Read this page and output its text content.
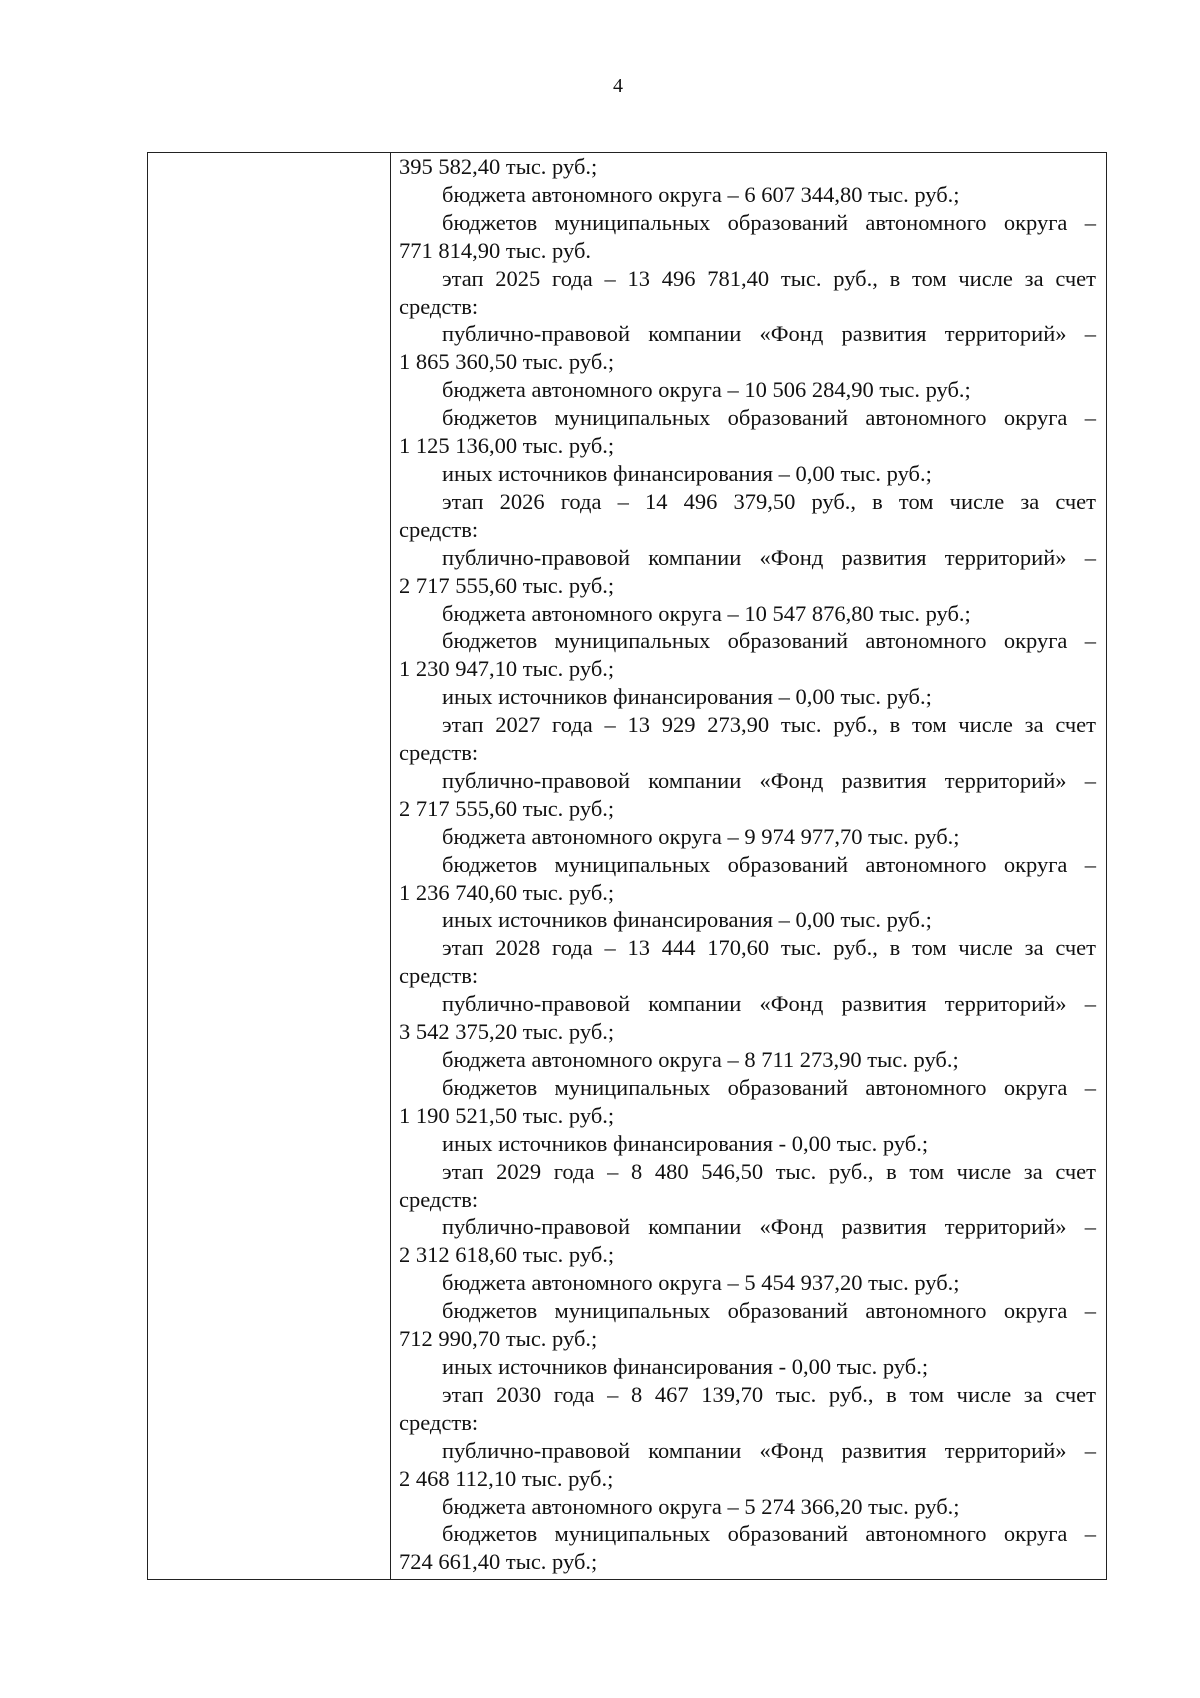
4
395 582,40 тыс. руб.;
бюджета автономного округа – 6 607 344,80 тыс. руб.;
бюджетов муниципальных образований автономного округа –
771 814,90 тыс. руб.
этап 2025 года – 13 496 781,40 тыс. руб., в том числе за счет
средств:
публично-правовой компании «Фонд развития территорий» –
1 865 360,50 тыс. руб.;
бюджета автономного округа – 10 506 284,90 тыс. руб.;
бюджетов муниципальных образований автономного округа –
1 125 136,00 тыс. руб.;
иных источников финансирования – 0,00 тыс. руб.;
этап 2026 года – 14 496 379,50 руб., в том числе за счет
средств:
публично-правовой компании «Фонд развития территорий» –
2 717 555,60 тыс. руб.;
бюджета автономного округа – 10 547 876,80 тыс. руб.;
бюджетов муниципальных образований автономного округа –
1 230 947,10 тыс. руб.;
иных источников финансирования – 0,00 тыс. руб.;
этап 2027 года – 13 929 273,90 тыс. руб., в том числе за счет
средств:
публично-правовой компании «Фонд развития территорий» –
2 717 555,60 тыс. руб.;
бюджета автономного округа – 9 974 977,70 тыс. руб.;
бюджетов муниципальных образований автономного округа –
1 236 740,60 тыс. руб.;
иных источников финансирования – 0,00 тыс. руб.;
этап 2028 года – 13 444 170,60 тыс. руб., в том числе за счет
средств:
публично-правовой компании «Фонд развития территорий» –
3 542 375,20 тыс. руб.;
бюджета автономного округа – 8 711 273,90 тыс. руб.;
бюджетов муниципальных образований автономного округа –
1 190 521,50 тыс. руб.;
иных источников финансирования - 0,00 тыс. руб.;
этап 2029 года – 8 480 546,50 тыс. руб., в том числе за счет
средств:
публично-правовой компании «Фонд развития территорий» –
2 312 618,60 тыс. руб.;
бюджета автономного округа – 5 454 937,20 тыс. руб.;
бюджетов муниципальных образований автономного округа –
712 990,70 тыс. руб.;
иных источников финансирования - 0,00 тыс. руб.;
этап 2030 года – 8 467 139,70 тыс. руб., в том числе за счет
средств:
публично-правовой компании «Фонд развития территорий» –
2 468 112,10 тыс. руб.;
бюджета автономного округа – 5 274 366,20 тыс. руб.;
бюджетов муниципальных образований автономного округа –
724 661,40 тыс. руб.;
